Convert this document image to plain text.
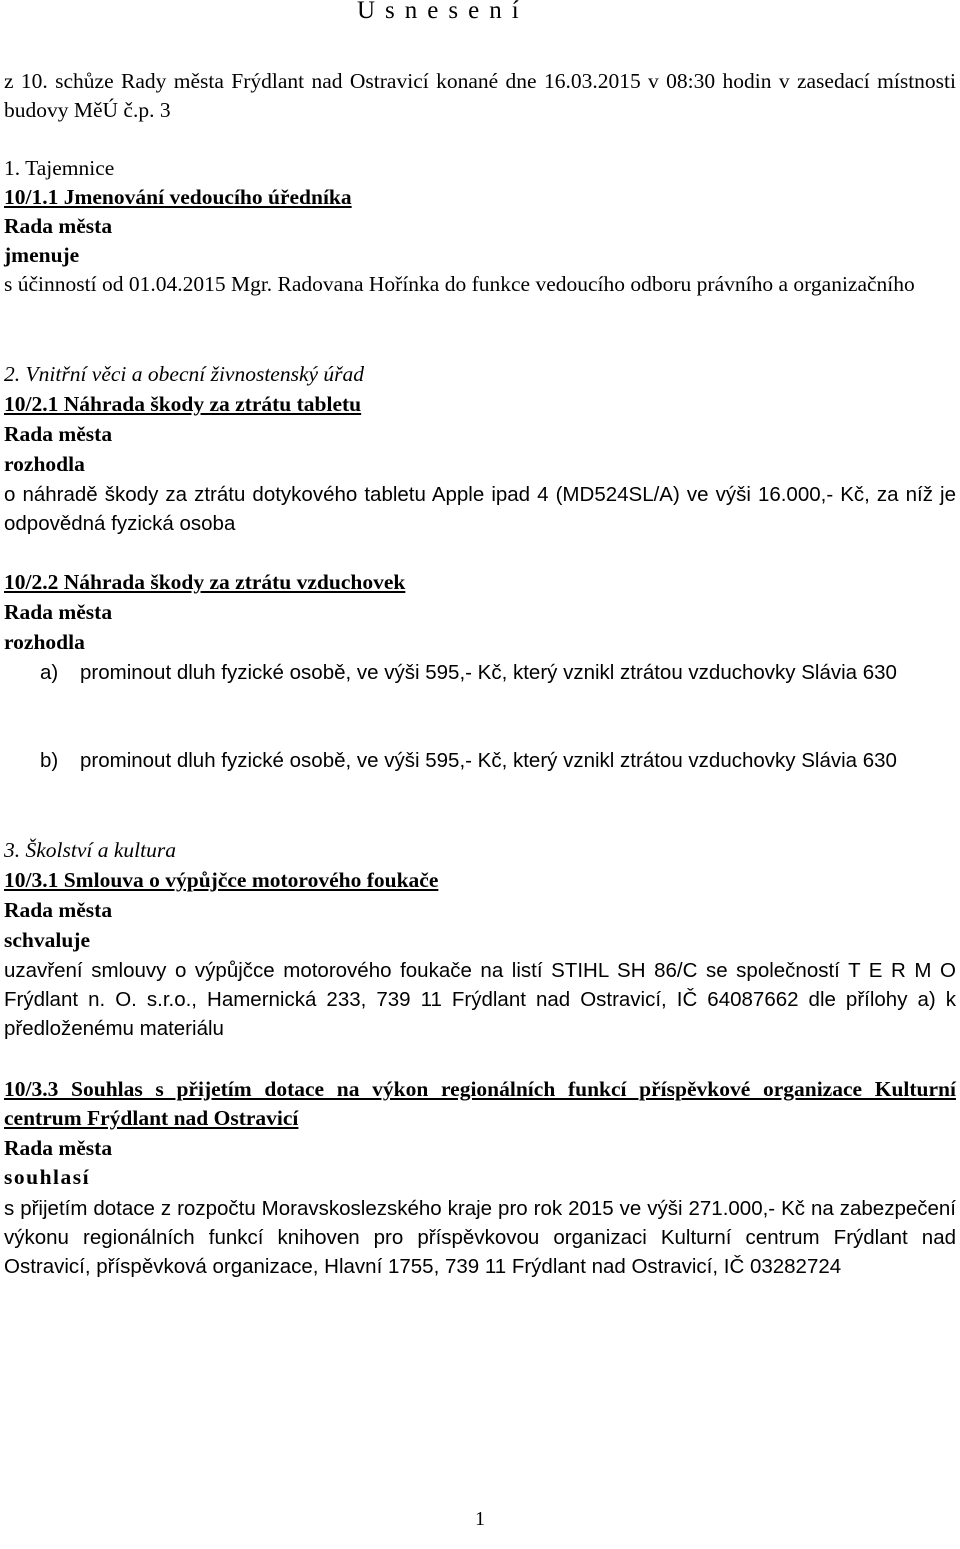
Usnesení
z 10. schůze Rady města Frýdlant nad Ostravicí konané dne 16.03.2015 v 08:30 hodin v zasedací místnosti budovy MěÚ č.p. 3
1. Tajemnice
10/1.1 Jmenování vedoucího úředníka
Rada města
jmenuje
s účinností od 01.04.2015 Mgr. Radovana Hořínka do funkce vedoucího odboru právního a organizačního
2. Vnitřní věci a obecní živnostenský úřad
10/2.1 Náhrada škody za ztrátu tabletu
Rada města
rozhodla
o náhradě škody za ztrátu dotykového tabletu Apple ipad 4 (MD524SL/A) ve výši 16.000,- Kč, za níž je odpovědná fyzická osoba
10/2.2 Náhrada škody za ztrátu vzduchovek
Rada města
rozhodla
a) prominout dluh fyzické osobě, ve výši 595,- Kč, který vznikl ztrátou vzduchovky Slávia 630
b) prominout dluh fyzické osobě, ve výši 595,- Kč, který vznikl ztrátou vzduchovky Slávia 630
3. Školství a kultura
10/3.1 Smlouva o výpůjčce motorového foukače
Rada města
schvaluje
uzavření smlouvy o výpůjčce motorového foukače na listí STIHL SH 86/C se společností T E R M O Frýdlant n. O. s.r.o., Hamernická 233, 739 11 Frýdlant nad Ostravicí, IČ 64087662 dle přílohy a) k předloženému materiálu
10/3.3 Souhlas s přijetím dotace na výkon regionálních funkcí příspěvkové organizace Kulturní centrum Frýdlant nad Ostravicí
Rada města
souhlasí
s přijetím dotace z rozpočtu Moravskoslezského kraje pro rok 2015 ve výši 271.000,- Kč na zabezpečení výkonu regionálních funkcí knihoven pro příspěvkovou organizaci Kulturní centrum Frýdlant nad Ostravicí, příspěvková organizace, Hlavní 1755, 739 11 Frýdlant nad Ostravicí, IČ 03282724
1
